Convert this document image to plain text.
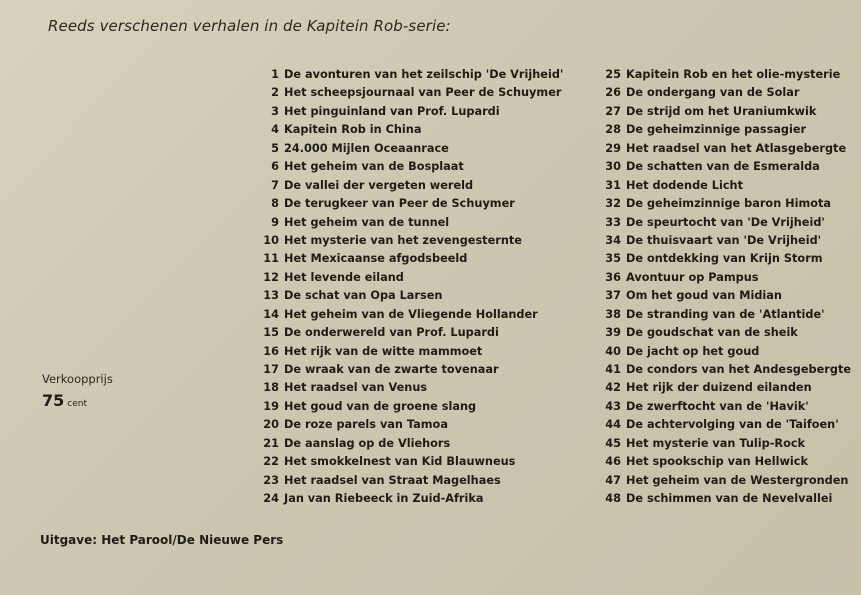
Reeds verschenen verhalen in de Kapitein Rob-serie:
1 De avonturen van het zeilschip 'De Vrijheid'
2 Het scheepsjournaal van Peer de Schuymer
3 Het pinguinland van Prof. Lupardi
4 Kapitein Rob in China
5 24.000 Mijlen Oceaanrace
6 Het geheim van de Bosplaat
7 De vallei der vergeten wereld
8 De terugkeer van Peer de Schuymer
9 Het geheim van de tunnel
10 Het mysterie van het zevengesternte
11 Het Mexicaanse afgodsbeeld
12 Het levende eiland
13 De schat van Opa Larsen
14 Het geheim van de Vliegende Hollander
15 De onderwereld van Prof. Lupardi
16 Het rijk van de witte mammoet
17 De wraak van de zwarte tovenaar
18 Het raadsel van Venus
19 Het goud van de groene slang
20 De roze parels van Tamoa
21 De aanslag op de Vliehors
22 Het smokkelnest van Kid Blauwneus
23 Het raadsel van Straat Magelhaes
24 Jan van Riebeeck in Zuid-Afrika
25 Kapitein Rob en het olie-mysterie
26 De ondergang van de Solar
27 De strijd om het Uraniumkwik
28 De geheimzinnige passagier
29 Het raadsel van het Atlasgebergte
30 De schatten van de Esmeralda
31 Het dodende Licht
32 De geheimzinnige baron Himota
33 De speurtocht van 'De Vrijheid'
34 De thuisvaart van 'De Vrijheid'
35 De ontdekking van Krijn Storm
36 Avontuur op Pampus
37 Om het goud van Midian
38 De stranding van de 'Atlantide'
39 De goudschat van de sheik
40 De jacht op het goud
41 De condors van het Andesgebergte
42 Het rijk der duizend eilanden
43 De zwerftocht van de 'Havik'
44 De achtervolging van de 'Taifoen'
45 Het mysterie van Tulip-Rock
46 Het spookschip van Hellwick
47 Het geheim van de Westergronden
48 De schimmen van de Nevelvallei
Verkoopprijs
75 cent
Uitgave: Het Parool/De Nieuwe Pers
